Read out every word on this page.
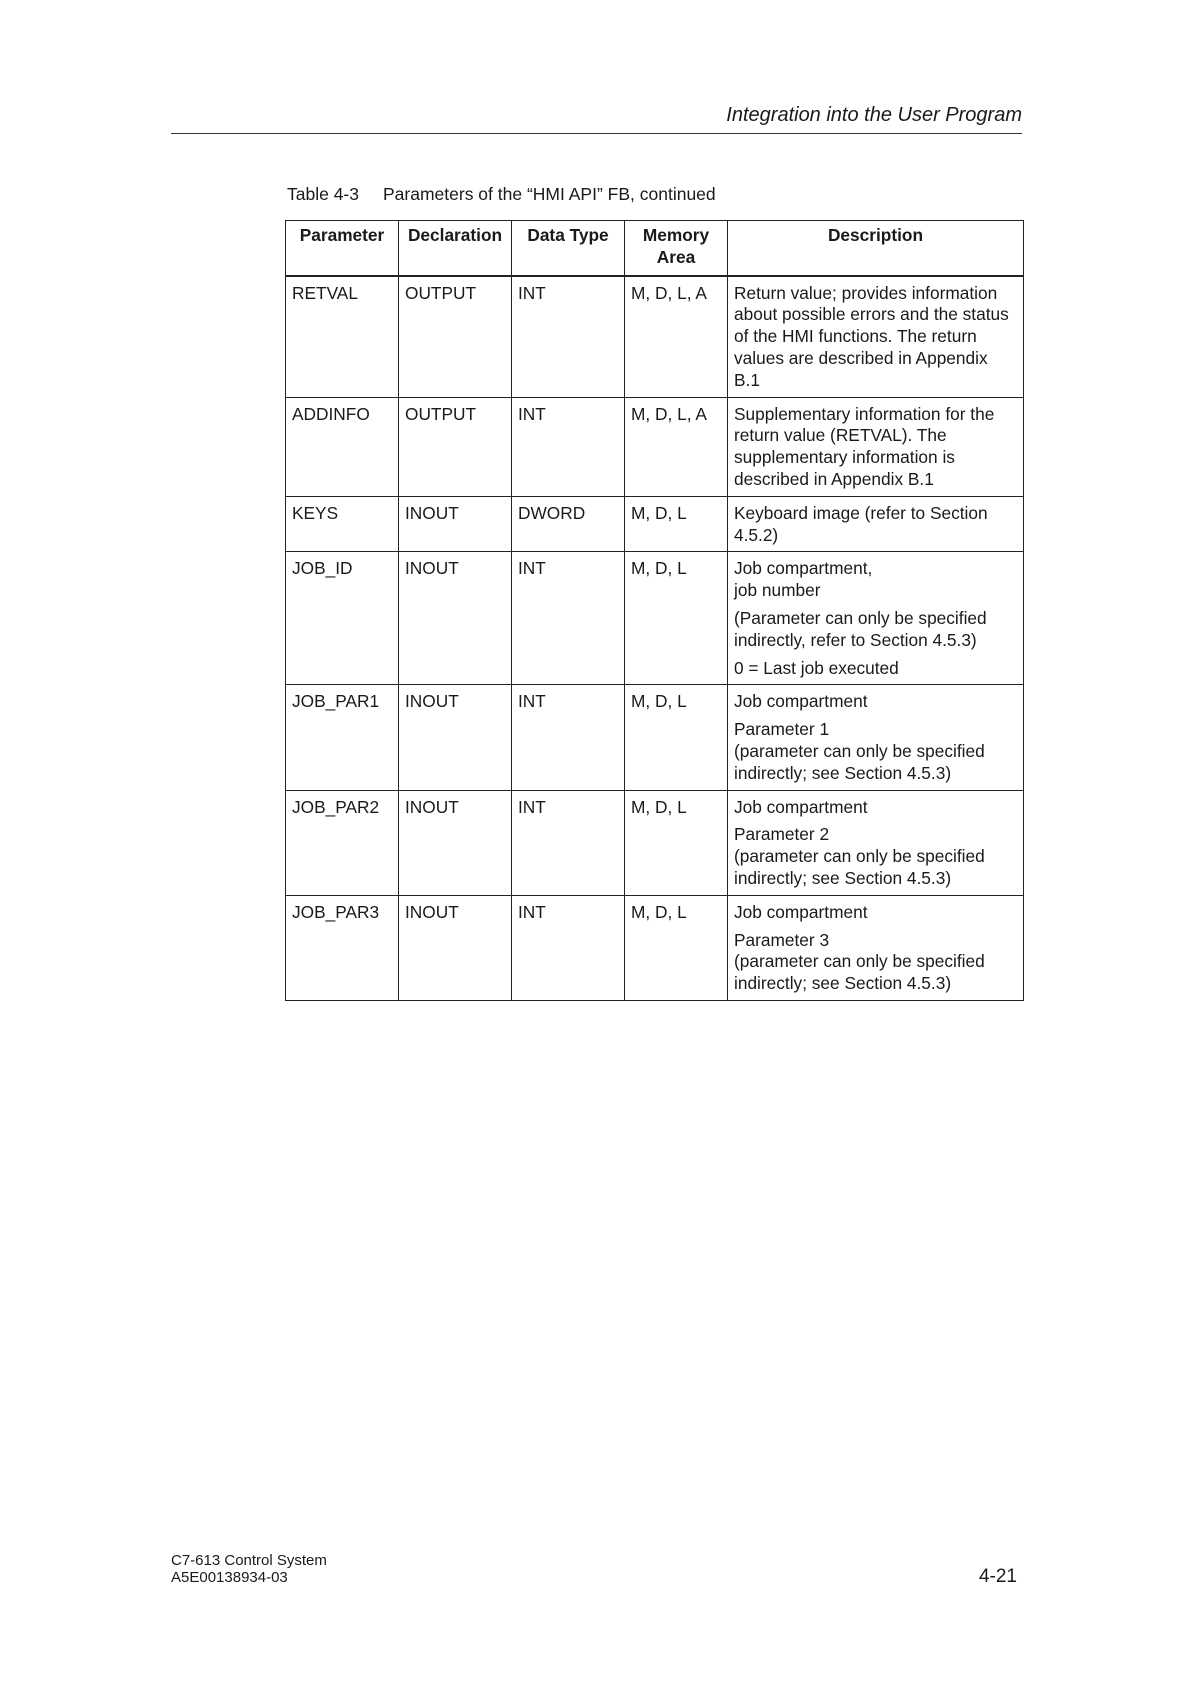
Integration into the User Program
Table 4-3 Parameters of the “HMI API” FB, continued
Parameter	Declaration	Data Type	Memory Area	Description
RETVAL	OUTPUT	INT	M, D, L, A	Return value; provides information about possible errors and the status of the HMI functions. The return values are described in Appendix B.1

ADDINFO	OUTPUT	INT	M, D, L, A	Supplementary information for the return value (RETVAL). The supplementary information is described in Appendix B.1

KEYS	INOUT	DWORD	M, D, L	Keyboard image (refer to Section 4.5.2)

JOB_ID	INOUT	INT	M, D, L	Job compartment,
job number

(Parameter can only be specified indirectly, refer to Section 4.5.3)

0 = Last job executed

JOB_PAR1	INOUT	INT	M, D, L	Job compartment

Parameter 1
(parameter can only be specified indirectly; see Section 4.5.3)

JOB_PAR2	INOUT	INT	M, D, L	Job compartment

Parameter 2
(parameter can only be specified indirectly; see Section 4.5.3)

JOB_PAR3	INOUT	INT	M, D, L	Job compartment

Parameter 3
(parameter can only be specified indirectly; see Section 4.5.3)

C7-613 Control System
A5E00138934-03	4-21
